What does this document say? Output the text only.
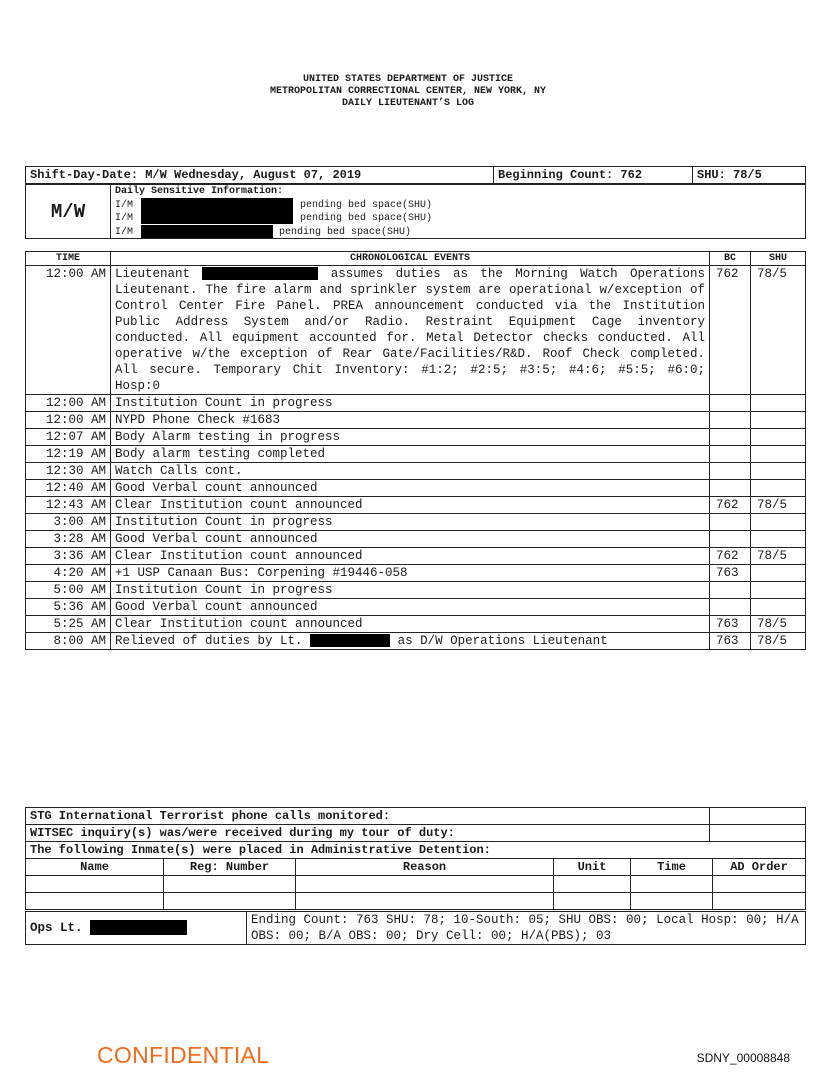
UNITED STATES DEPARTMENT OF JUSTICE
METROPOLITAN CORRECTIONAL CENTER, NEW YORK, NY
DAILY LIEUTENANT’S LOG
Shift-Day-Date: M/W Wednesday, August 07, 2019	Beginning Count: 762	SHU: 78/5
M/W	
Daily Sensitive Information:
I/M	pending bed space(SHU)
I/M	pending bed space(SHU)
I/M	pending bed space(SHU)
TIME	CHRONOLOGICAL EVENTS	BC	SHU
12:00 AM	Lieutenant assumes duties as the Morning Watch Operations Lieutenant. The fire alarm and sprinkler system are operational w/exception of Control Center Fire Panel. PREA announcement conducted via the Institution Public Address System and/or Radio. Restraint Equipment Cage inventory conducted. All equipment accounted for. Metal Detector checks conducted. All operative w/the exception of Rear Gate/Facilities/R&D. Roof Check completed. All secure. Temporary Chit Inventory: #1:2; #2:5; #3:5; #4:6; #5:5; #6:0; Hosp:0	762	78/5
12:00 AM	Institution Count in progress		
12:00 AM	NYPD Phone Check #1683		
12:07 AM	Body Alarm testing in progress		
12:19 AM	Body alarm testing completed		
12:30 AM	Watch Calls cont.		
12:40 AM	Good Verbal count announced		
12:43 AM	Clear Institution count announced	762	78/5
3:00 AM	Institution Count in progress		
3:28 AM	Good Verbal count announced		
3:36 AM	Clear Institution count announced	762	78/5
4:20 AM	+1 USP Canaan Bus: Corpening #19446-058	763	
5:00 AM	Institution Count in progress		
5:36 AM	Good Verbal count announced		
5:25 AM	Clear Institution count announced	763	78/5
8:00 AM	Relieved of duties by Lt. as D/W Operations Lieutenant	763	78/5
STG International Terrorist phone calls monitored:	
WITSEC inquiry(s) was/were received during my tour of duty:	
The following Inmate(s) were placed in Administrative Detention:	
Name	Reg: Number	Reason	Unit	Time	AD Order

Ops Lt.	Ending Count: 763 SHU: 78; 10-South: 05; SHU OBS: 00; Local Hosp: 00; H/A OBS: 00; B/A OBS: 00; Dry Cell: 00; H/A(PBS); 03
CONFIDENTIAL	SDNY_00008848
